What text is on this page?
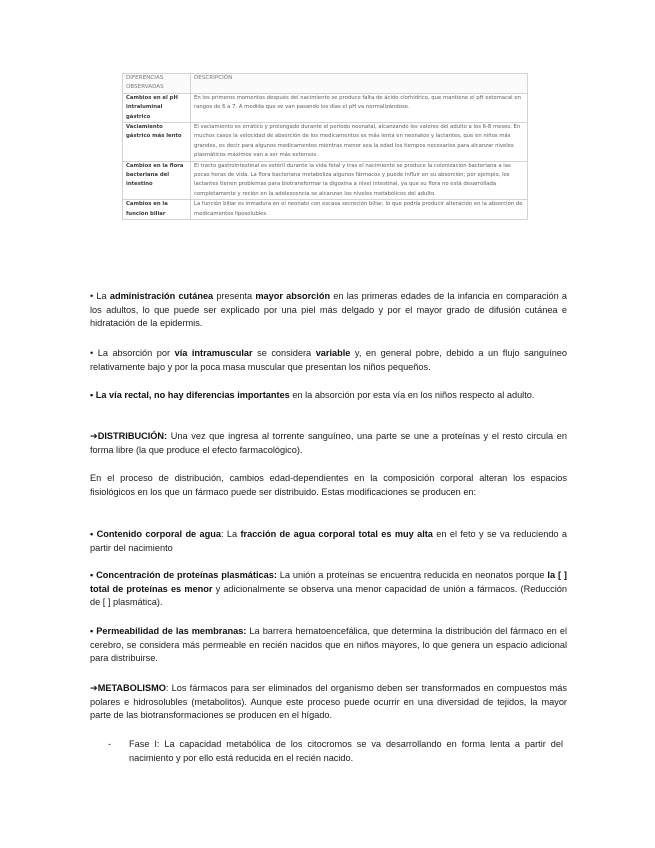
DIFERENCIAS OBSERVADAS	DESCRIPCIÓN
Cambios en el pH intraluminal gástrico	En los primeros momentos después del nacimiento se produce falta de ácido clorhídrico, que mantiene el pH estomacal en rangos de 6 a 7. A medida que se van pasando los días el pH va normalizándose.
Vaciamiento gástrico más lento	El vaciamiento es errático y prolongado durante el período neonatal, alcanzando los valores del adulto a los 6-8 meses. En muchos casos la velocidad de absorción de los medicamentos es más lenta en neonatos y lactantes, que en niños más grandes, es decir para algunos medicamentos mientras menor sea la edad los tiempos necesarios para alcanzar niveles plasmáticos máximos van a ser más extensos.
Cambios en la flora bacteriana del intestino	El tracto gastrointestinal es estéril durante la vida fetal y tras el nacimiento se produce la colonización bacteriana a las pocas horas de vida. La flora bacteriana metaboliza algunos fármacos y puede influir en su absorción; por ejemplo, los lactantes tienen problemas para biotransformar la digoxina a nivel intestinal, ya que su flora no está desarrollada completamente y recién en la adolescencia se alcanzan los niveles metabólicos del adulto.
Cambios en la función biliar	La función biliar es inmadura en el neonato con escasa secreción biliar, lo que podría producir alteración en la absorción de medicamentos liposolubles.

• La administración cutánea presenta mayor absorción en las primeras edades de la infancia en comparación a los adultos, lo que puede ser explicado por una piel más delgado y por el mayor grado de difusión cutánea e hidratación de la epidermis.

• La absorción por vía intramuscular se considera variable y, en general pobre, debido a un flujo sanguíneo relativamente bajo y por la poca masa muscular que presentan los niños pequeños.

• La vía rectal, no hay diferencias importantes en la absorción por esta vía en los niños respecto al adulto.

➔DISTRIBUCIÓN: Una vez que ingresa al torrente sanguíneo, una parte se une a proteínas y el resto circula en forma libre (la que produce el efecto farmacológico).

En el proceso de distribución, cambios edad-dependientes en la composición corporal alteran los espacios fisiológicos en los que un fármaco puede ser distribuido. Estas modificaciones se producen en:

• Contenido corporal de agua: La fracción de agua corporal total es muy alta en el feto y se va reduciendo a partir del nacimiento

• Concentración de proteínas plasmáticas: La unión a proteínas se encuentra reducida en neonatos porque la [ ] total de proteínas es menor y adicionalmente se observa una menor capacidad de unión a fármacos. (Reducción de [ ] plasmática).

• Permeabilidad de las membranas: La barrera hematoencefálica, que determina la distribución del fármaco en el cerebro, se considera más permeable en recién nacidos que en niños mayores, lo que genera un espacio adicional para distribuirse.

➔METABOLISMO: Los fármacos para ser eliminados del organismo deben ser transformados en compuestos más polares e hidrosolubles (metabolitos). Aunque este proceso puede ocurrir en una diversidad de tejidos, la mayor parte de las biotransformaciones se producen en el hígado.

- Fase I: La capacidad metabólica de los citocromos se va desarrollando en forma lenta a partir del nacimiento y por ello está reducida en el recién nacido.
